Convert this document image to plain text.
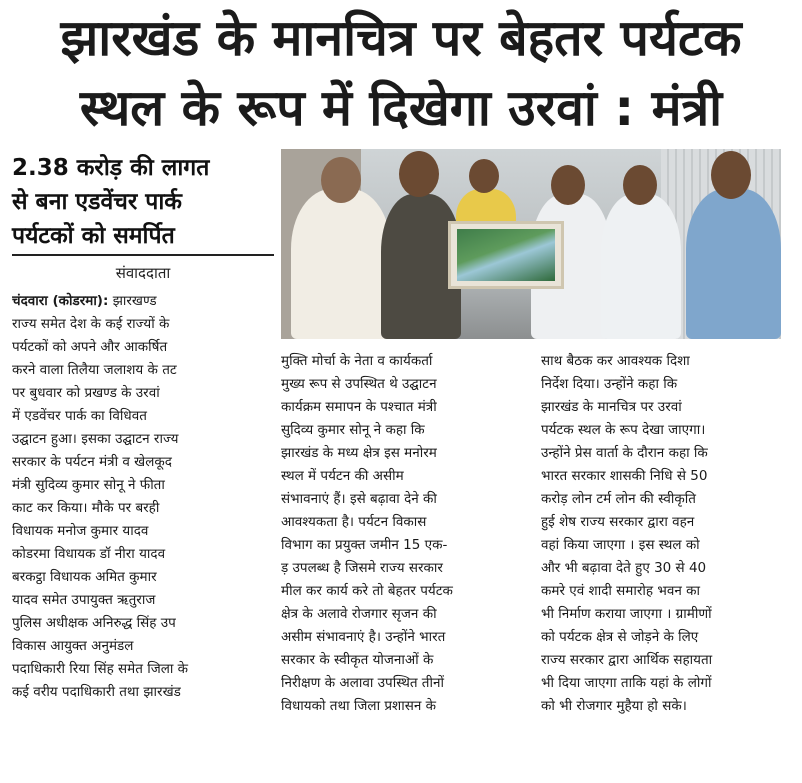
झारखंड के मानचित्र पर बेहतर पर्यटक
स्थल के रूप में दिखेगा उरवां : मंत्री
2.38 करोड़ की लागत
से बना एडवेंचर पार्क
पर्यटकों को समर्पित
संवाददाता

चंदवारा (कोडरमा): झारखण्ड

राज्य समेत देश के कई राज्यों के

पर्यटकों को अपने और आकर्षित

करने वाला तिलैया जलाशय के तट

पर बुधवार को प्रखण्ड के उरवां

में एडवेंचर पार्क का विधिवत

उद्घाटन हुआ। इसका उद्घाटन राज्य

सरकार के पर्यटन मंत्री व खेलकूद

मंत्री सुदिव्य कुमार सोनू ने फीता

काट कर किया। मौके पर बरही

विधायक मनोज कुमार यादव

कोडरमा विधायक डॉ नीरा यादव

बरकट्ठा विधायक अमित कुमार

यादव समेत उपायुक्त ऋतुराज

पुलिस अधीक्षक अनिरुद्ध सिंह उप

विकास आयुक्त अनुमंडल

पदाधिकारी रिया सिंह समेत जिला के

कई वरीय पदाधिकारी तथा झारखंड

मुक्ति मोर्चा के नेता व कार्यकर्ता

मुख्य रूप से उपस्थित थे उद्घाटन

कार्यक्रम समापन के पश्चात मंत्री

सुदिव्य कुमार सोनू ने कहा कि

झारखंड के मध्य क्षेत्र इस मनोरम

स्थल में पर्यटन की असीम

संभावनाएं हैं। इसे बढ़ावा देने की

आवश्यकता है। पर्यटन विकास

विभाग का प्रयुक्त जमीन 15 एक-

ड़ उपलब्ध है जिसमे राज्य सरकार

मील कर कार्य करे तो बेहतर पर्यटक

क्षेत्र के अलावे रोजगार सृजन की

असीम संभावनाएं है। उन्होंने भारत

सरकार के स्वीकृत योजनाओं के

निरीक्षण के अलावा उपस्थित तीनों

विधायको तथा जिला प्रशासन के

साथ बैठक कर आवश्यक दिशा

निर्देश दिया। उन्होंने कहा कि

झारखंड के मानचित्र पर उरवां

पर्यटक स्थल के रूप देखा जाएगा।

उन्होंने प्रेस वार्ता के दौरान कहा कि

भारत सरकार शासकी निधि से 50

करोड़ लोन टर्म लोन की स्वीकृति

हुई शेष राज्य सरकार द्वारा वहन

वहां किया जाएगा । इस स्थल को

और भी बढ़ावा देते हुए 30 से 40

कमरे एवं शादी समारोह भवन का

भी निर्माण कराया जाएगा । ग्रामीणों

को पर्यटक क्षेत्र से जोड़ने के लिए

राज्य सरकार द्वारा आर्थिक सहायता

भी दिया जाएगा ताकि यहां के लोगों

को भी रोजगार मुहैया हो सके।
